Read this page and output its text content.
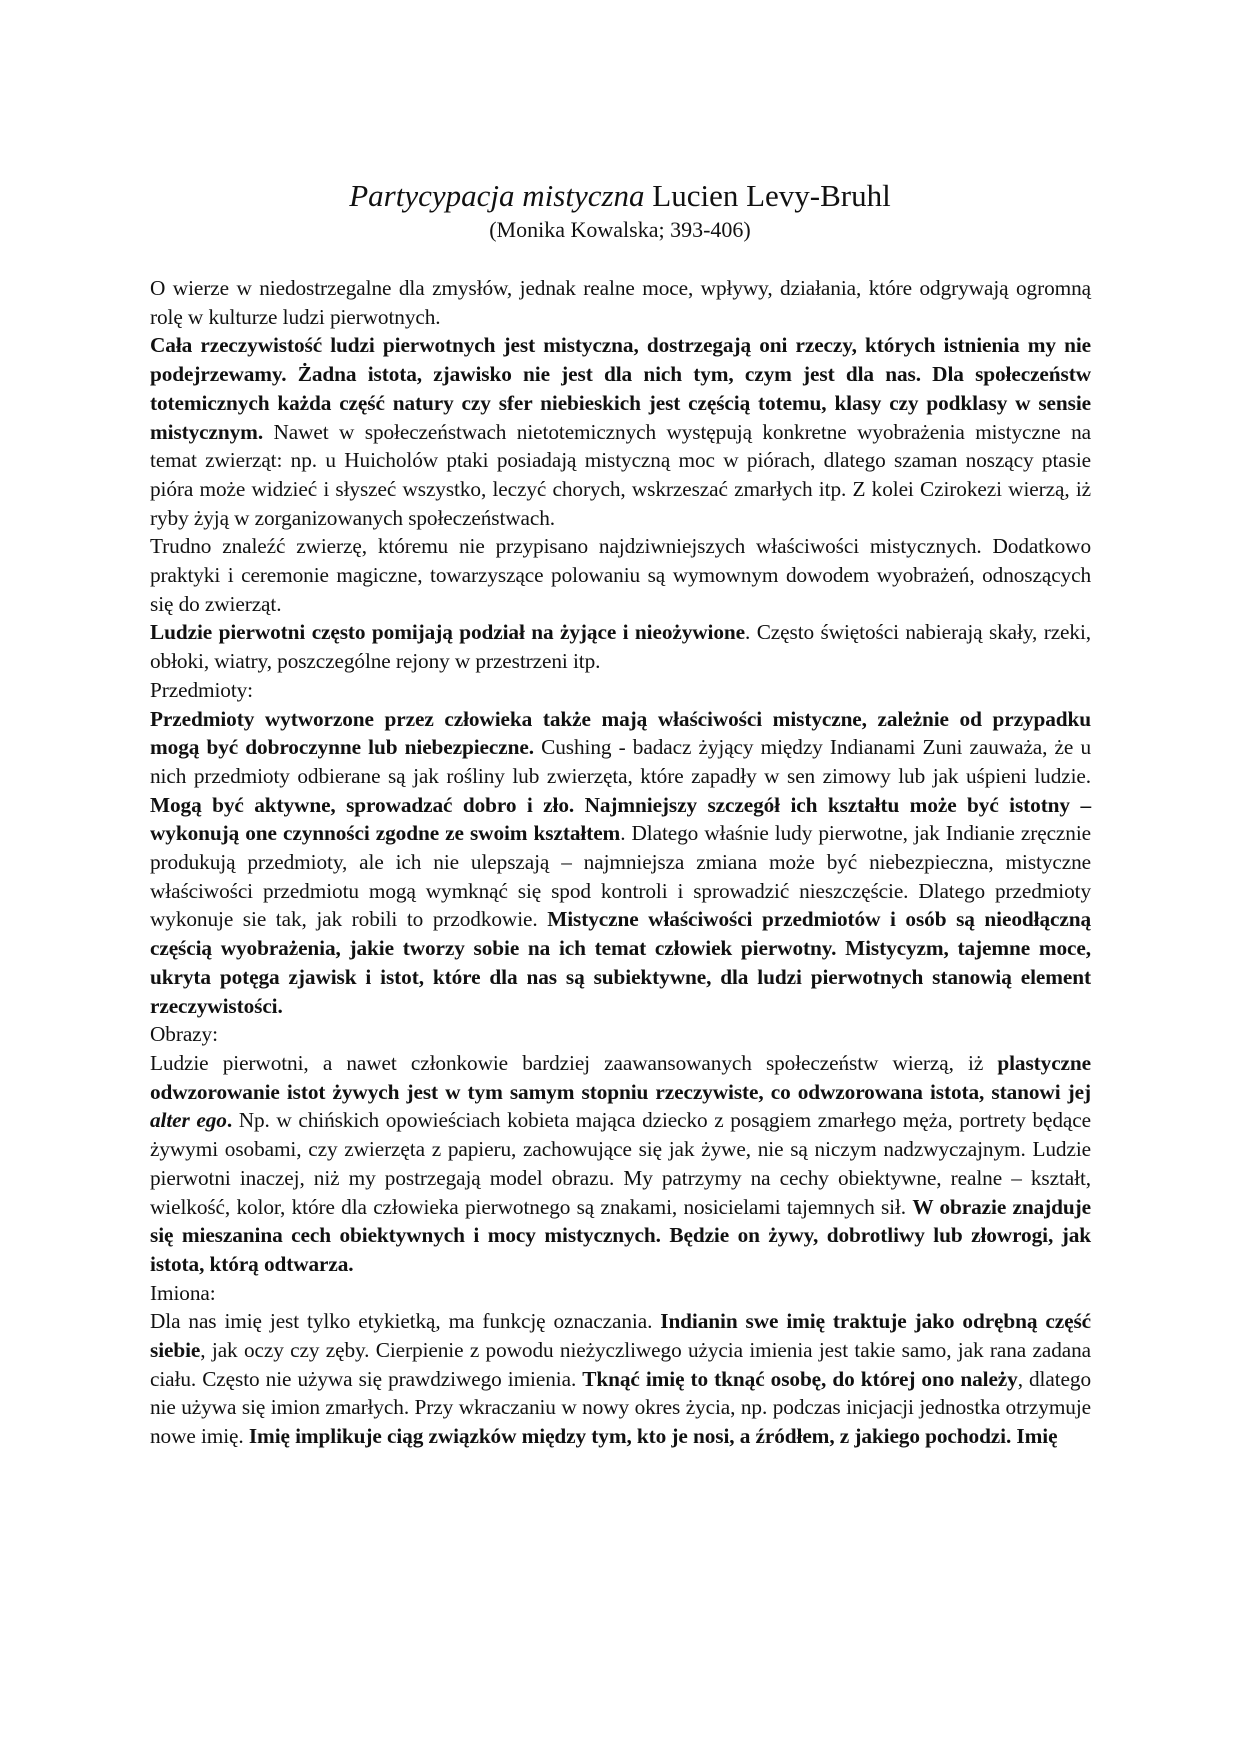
Partycypacja mistyczna Lucien Levy-Bruhl
(Monika Kowalska; 393-406)

O wierze w niedostrzegalne dla zmysłów, jednak realne moce, wpływy, działania, które odgrywają ogromną rolę w kulturze ludzi pierwotnych.

Cała rzeczywistość ludzi pierwotnych jest mistyczna, dostrzegają oni rzeczy, których istnienia my nie podejrzewamy. Żadna istota, zjawisko nie jest dla nich tym, czym jest dla nas. Dla społeczeństw totemicznych każda część natury czy sfer niebieskich jest częścią totemu, klasy czy podklasy w sensie mistycznym. Nawet w społeczeństwach nietotemicznych występują konkretne wyobrażenia mistyczne na temat zwierząt: np. u Huicholów ptaki posiadają mistyczną moc w piórach, dlatego szaman noszący ptasie pióra może widzieć i słyszeć wszystko, leczyć chorych, wskrzeszać zmarłych itp. Z kolei Czirokezi wierzą, iż ryby żyją w zorganizowanych społeczeństwach.

Trudno znaleźć zwierzę, któremu nie przypisano najdziwniejszych właściwości mistycznych. Dodatkowo praktyki i ceremonie magiczne, towarzyszące polowaniu są wymownym dowodem wyobrażeń, odnoszących się do zwierząt.

Ludzie pierwotni często pomijają podział na żyjące i nieożywione. Często świętości nabierają skały, rzeki, obłoki, wiatry, poszczególne rejony w przestrzeni itp.

Przedmioty:

Przedmioty wytworzone przez człowieka także mają właściwości mistyczne, zależnie od przypadku mogą być dobroczynne lub niebezpieczne. Cushing - badacz żyjący między Indianami Zuni zauważa, że u nich przedmioty odbierane są jak rośliny lub zwierzęta, które zapadły w sen zimowy lub jak uśpieni ludzie. Mogą być aktywne, sprowadzać dobro i zło. Najmniejszy szczegół ich kształtu może być istotny – wykonują one czynności zgodne ze swoim kształtem. Dlatego właśnie ludy pierwotne, jak Indianie zręcznie produkują przedmioty, ale ich nie ulepszają – najmniejsza zmiana może być niebezpieczna, mistyczne właściwości przedmiotu mogą wymknąć się spod kontroli i sprowadzić nieszczęście. Dlatego przedmioty wykonuje sie tak, jak robili to przodkowie. Mistyczne właściwości przedmiotów i osób są nieodłączną częścią wyobrażenia, jakie tworzy sobie na ich temat człowiek pierwotny. Mistycyzm, tajemne moce, ukryta potęga zjawisk i istot, które dla nas są subiektywne, dla ludzi pierwotnych stanowią element rzeczywistości.

Obrazy:

Ludzie pierwotni, a nawet członkowie bardziej zaawansowanych społeczeństw wierzą, iż plastyczne odwzorowanie istot żywych jest w tym samym stopniu rzeczywiste, co odwzorowana istota, stanowi jej alter ego. Np. w chińskich opowieściach kobieta mająca dziecko z posągiem zmarłego męża, portrety będące żywymi osobami, czy zwierzęta z papieru, zachowujące się jak żywe, nie są niczym nadzwyczajnym. Ludzie pierwotni inaczej, niż my postrzegają model obrazu. My patrzymy na cechy obiektywne, realne – kształt, wielkość, kolor, które dla człowieka pierwotnego są znakami, nosicielami tajemnych sił. W obrazie znajduje się mieszanina cech obiektywnych i mocy mistycznych. Będzie on żywy, dobrotliwy lub złowrogi, jak istota, którą odtwarza.

Imiona:

Dla nas imię jest tylko etykietką, ma funkcję oznaczania. Indianin swe imię traktuje jako odrębną część siebie, jak oczy czy zęby. Cierpienie z powodu nieżyczliwego użycia imienia jest takie samo, jak rana zadana ciału. Często nie używa się prawdziwego imienia. Tknąć imię to tknąć osobę, do której ono należy, dlatego nie używa się imion zmarłych. Przy wkraczaniu w nowy okres życia, np. podczas inicjacji jednostka otrzymuje nowe imię. Imię implikuje ciąg związków między tym, kto je nosi, a źródłem, z jakiego pochodzi. Imię
